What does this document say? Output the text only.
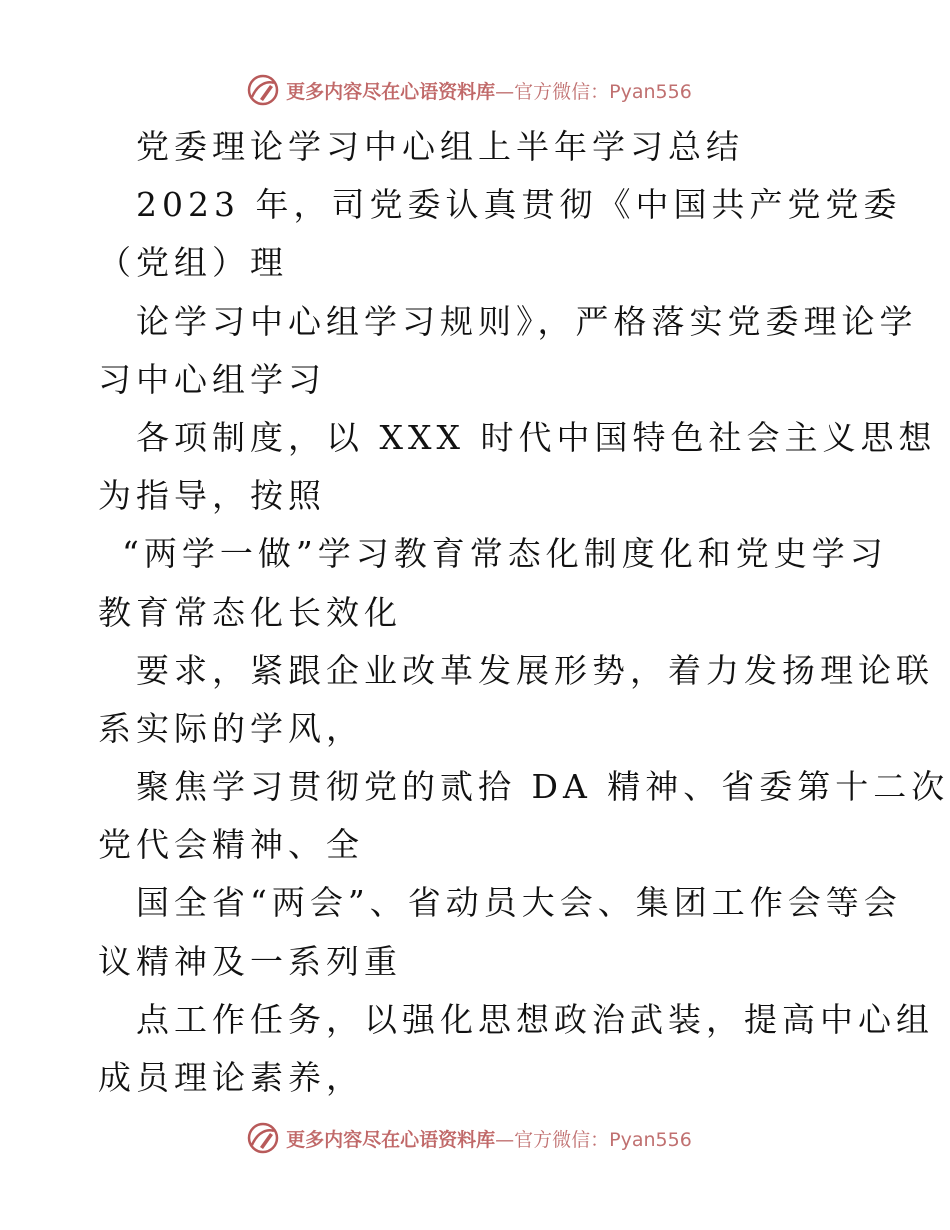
更多内容尽在心语资料库—官方微信：Pyan556
党委理论学习中心组上半年学习总结
2023 年，司党委认真贯彻《中国共产党党委
（党组）理
论学习中心组学习规则》，严格落实党委理论学
习中心组学习
各项制度，以 XXX 时代中国特色社会主义思想
为指导，按照
“两学一做”学习教育常态化制度化和党史学习
教育常态化长效化
要求，紧跟企业改革发展形势，着力发扬理论联
系实际的学风，
聚焦学习贯彻党的贰拾 DA 精神、省委第十二次
党代会精神、全
国全省“两会”、省动员大会、集团工作会等会
议精神及一系列重
点工作任务，以强化思想政治武装，提高中心组
成员理论素养，
更多内容尽在心语资料库—官方微信：Pyan556
